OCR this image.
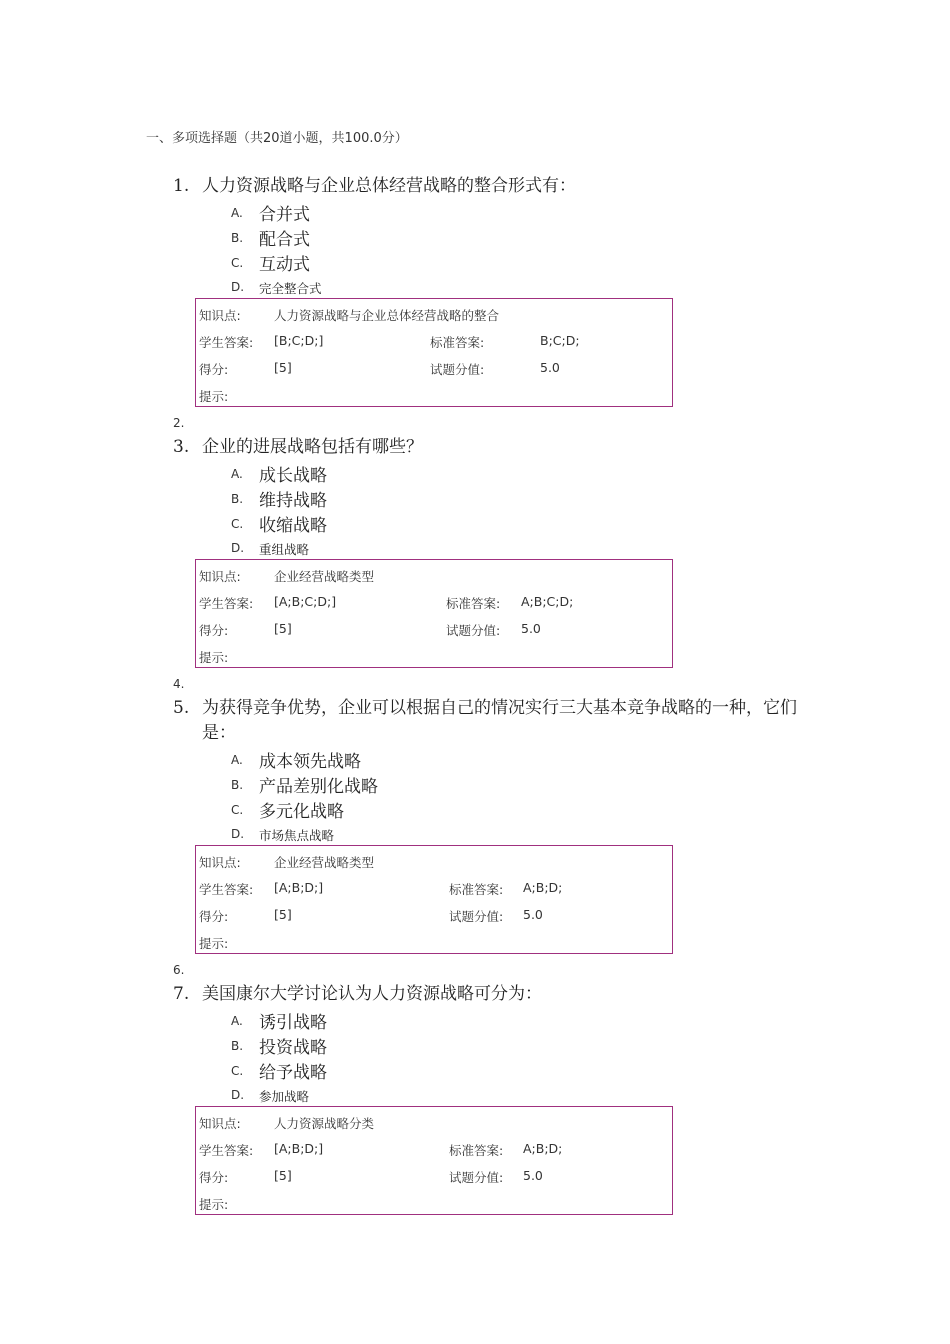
一、多项选择题（共20道小题，共100.0分）
1. 人力资源战略与企业总体经营战略的整合形式有：
A. 合并式
B. 配合式
C. 互动式
D. 完全整合式
知识点:	人力资源战略与企业总体经营战略的整合
学生答案: [B;C;D;]	标准答案:	B;C;D;
得分:	[5]	试题分值:	5.0
提示:
2.
3. 企业的进展战略包括有哪些？
A. 成长战略
B. 维持战略
C. 收缩战略
D. 重组战略
知识点:	企业经营战略类型
学生答案: [A;B;C;D;]	标准答案: A;B;C;D;
得分:	[5]	试题分值: 5.0
提示:
4.
5. 为获得竞争优势，企业可以根据自己的情况实行三大基本竞争战略的一种，它们是：
A. 成本领先战略
B. 产品差别化战略
C. 多元化战略
D. 市场焦点战略
知识点:	企业经营战略类型
学生答案: [A;B;D;]	标准答案: A;B;D;
得分:	[5]	试题分值: 5.0
提示:
6.
7. 美国康尔大学讨论认为人力资源战略可分为：
A. 诱引战略
B. 投资战略
C. 给予战略
D. 参加战略
知识点:	人力资源战略分类
学生答案: [A;B;D;]	标准答案: A;B;D;
得分:	[5]	试题分值: 5.0
提示:
